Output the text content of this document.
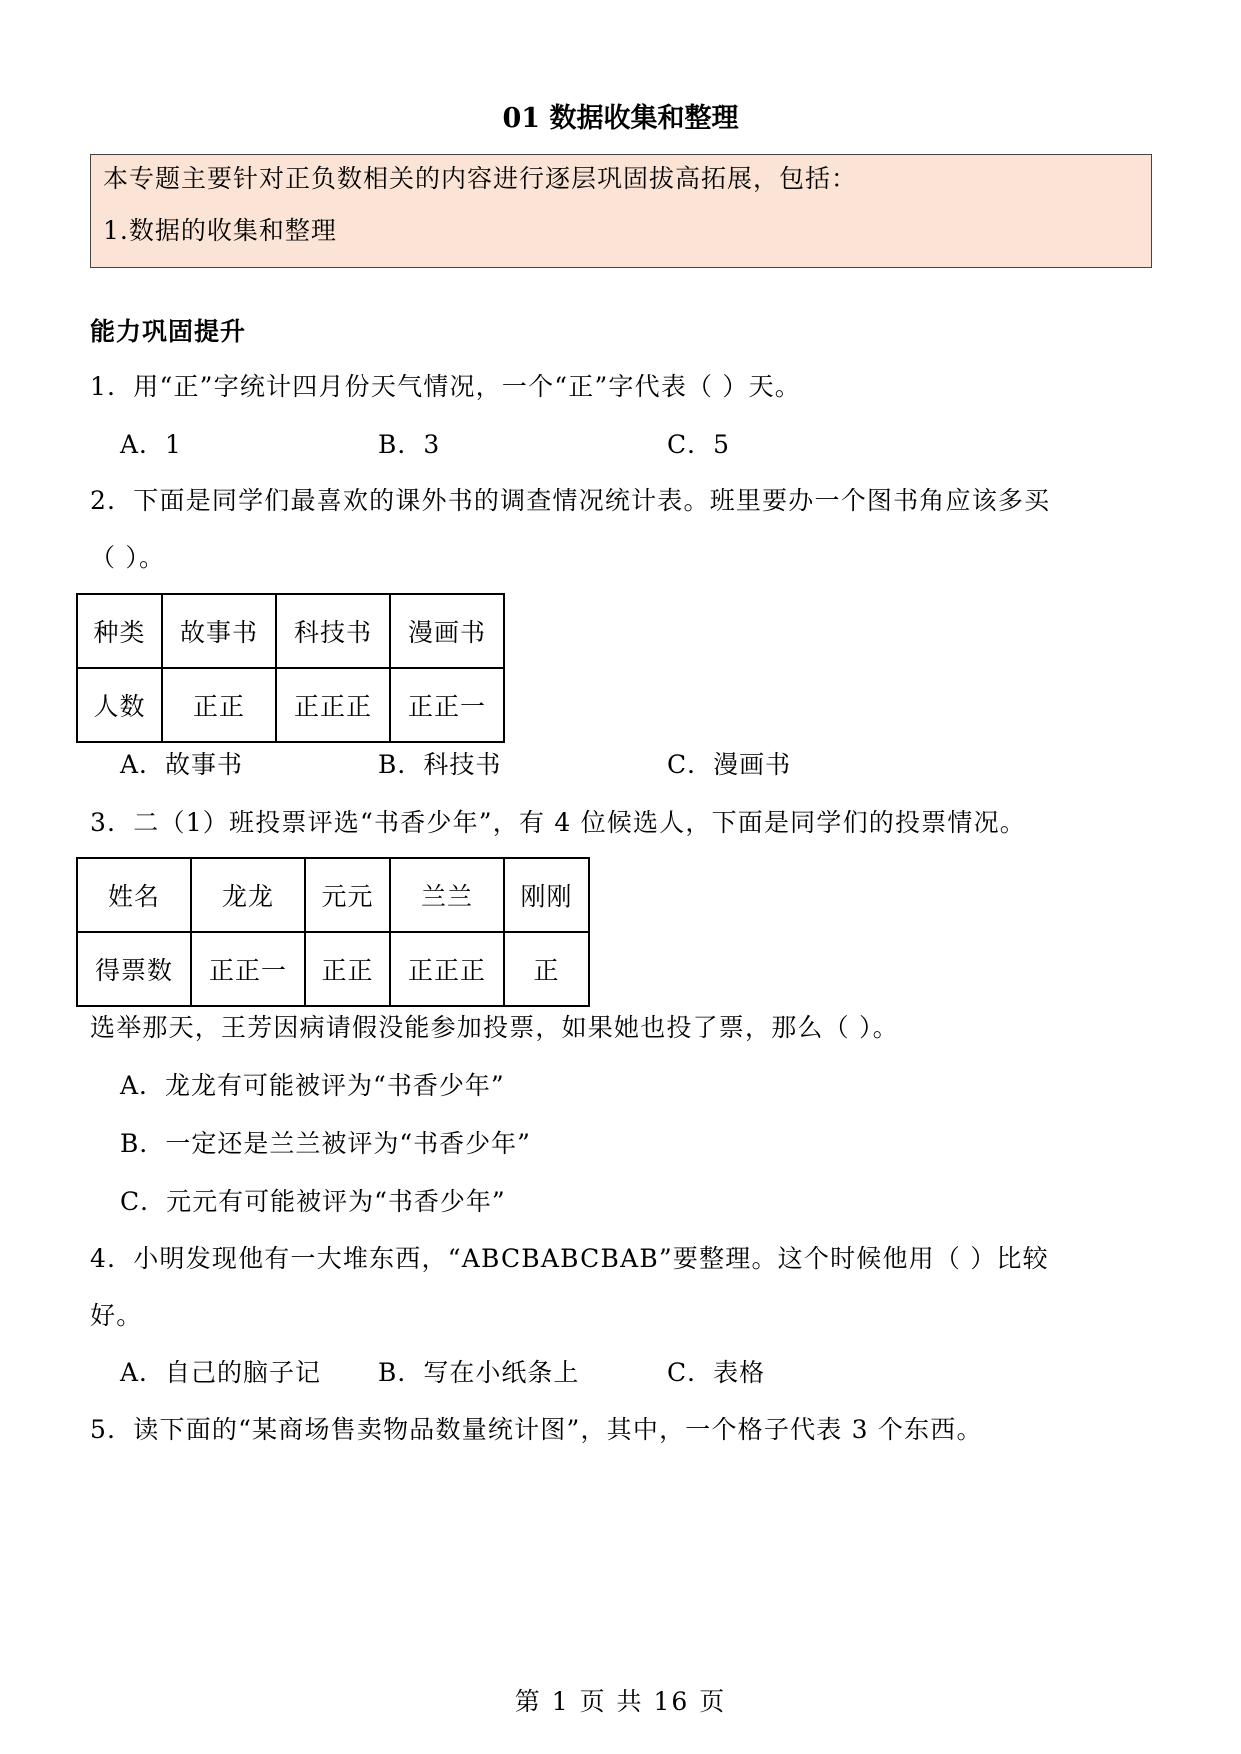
01 数据收集和整理
本专题主要针对正负数相关的内容进行逐层巩固拔高拓展，包括：
1.数据的收集和整理
能力巩固提升
1．用“正”字统计四月份天气情况，一个“正”字代表（ ）天。
A．1	B．3	C．5
2．下面是同学们最喜欢的课外书的调查情况统计表。班里要办一个图书角应该多买
（ ）。
种类	故事书	科技书	漫画书
人数	正正	正正正	正正一
A．故事书	B．科技书	C．漫画书
3．二（1）班投票评选“书香少年”，有 4 位候选人，下面是同学们的投票情况。
姓名	龙龙	元元	兰兰	刚刚
得票数	正正一	正正	正正正	正
选举那天，王芳因病请假没能参加投票，如果她也投了票，那么（ ）。
A．龙龙有可能被评为“书香少年”
B．一定还是兰兰被评为“书香少年”
C．元元有可能被评为“书香少年”
4．小明发现他有一大堆东西，“ABCBABCBAB”要整理。这个时候他用（ ）比较
好。
A．自己的脑子记 B．写在小纸条上	C．表格
5．读下面的“某商场售卖物品数量统计图”，其中，一个格子代表 3 个东西。
第 1 页 共 16 页
